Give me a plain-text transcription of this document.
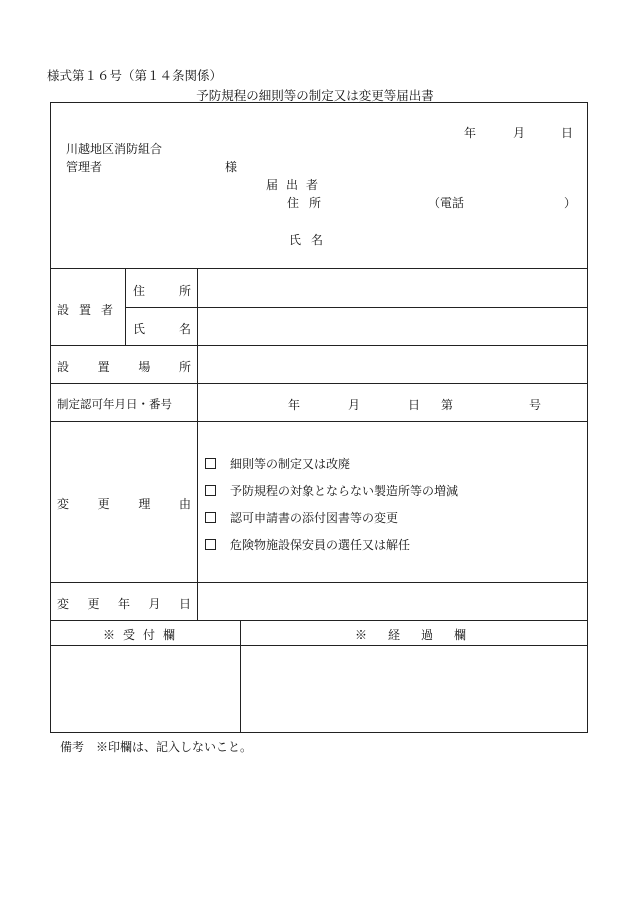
様式第１６号（第１４条関係）
予防規程の細則等の制定又は変更等届出書
年	月	日
川越地区消防組合
管理者	様
届出者
住所	（電話	）
氏名
設置者
住所
氏名
設置場所
制定認可年月日・番号	年	月	日 第	号
変更理由
細則等の制定又は改廃
予防規程の対象とならない製造所等の増減
認可申請書の添付図書等の変更
危険物施設保安員の選任又は解任
変更年月日
※受付欄	※経過欄
備考　※印欄は、記入しないこと。
